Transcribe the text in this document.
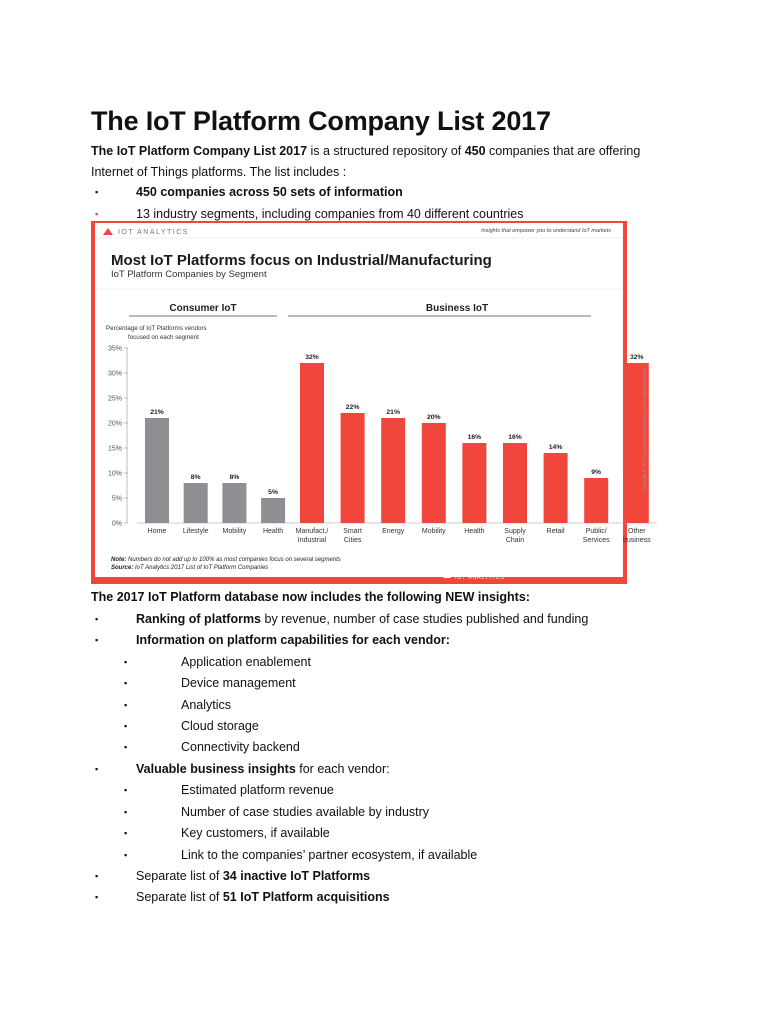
The IoT Platform Company List 2017
The IoT Platform Company List 2017 is a structured repository of 450 companies that are offering
Internet of Things platforms. The list includes :
▪	450 companies across 50 sets of information
▪	13 industry segments, including companies from 40 different countries
IOT ANALYTICS	Insights that empower you to understand IoT markets
Most IoT Platforms focus on Industrial/Manufacturing
IoT Platform Companies by Segment
Percentage of IoT Platforms vendors
focused on each segment
0%
5%
10%
15%
20%
25%
30%
35%
Consumer IoT
21%
Home
8%
Lifestyle
8%
Mobility
5%
Health
Business IoT
32%
Manufact./
Industrial
22%
Smart
Cities
21%
Energy
20%
Mobility
16%
Health
16%
Supply
Chain
14%
Retail
9%
Public/
Services
32%
Other
business
Copyright © 2017 by www.iot-analytics.com All rights reserved
Note: Numbers do not add up to 100% as most companies focus on several segments
Source: IoT Analytics 2017 List of IoT Platform Companies
IOT ANALYTICS
The 2017 IoT Platform database now includes the following NEW insights:
▪	Ranking of platforms by revenue, number of case studies published and funding
▪	Information on platform capabilities for each vendor:
▪	Application enablement
▪	Device management
▪	Analytics
▪	Cloud storage
▪	Connectivity backend
▪	Valuable business insights for each vendor:
▪	Estimated platform revenue
▪	Number of case studies available by industry
▪	Key customers, if available
▪	Link to the companies’ partner ecosystem, if available
▪	Separate list of 34 inactive IoT Platforms
▪	Separate list of 51 IoT Platform acquisitions
